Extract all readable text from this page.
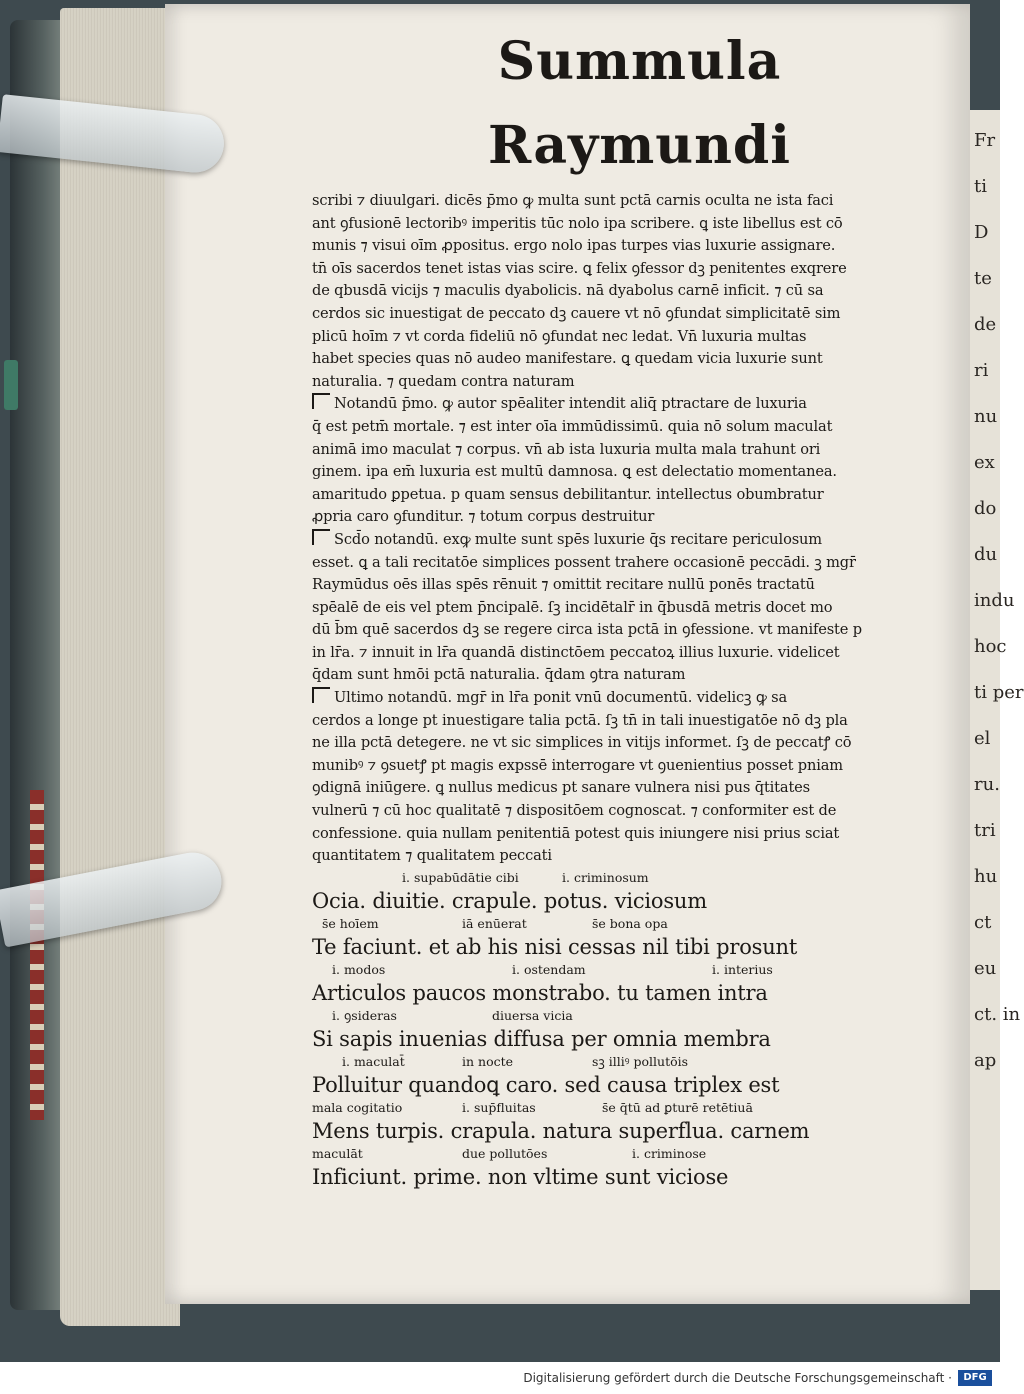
Fr
ti
D
te
de
ri
nu
ex
do
du
indu
hoc
ti per
el
ru.
tri
hu
ct
eu
ct. in
ap
Summula Raymundi
scribi ⁊ diuulgari. dicēs p̄mo ꝙ multa sunt pctā carnis oculta ne ista faci
ant ꝯfusionē lectoribꝰ imperitis tūc nolo ipa scribere. ꝗ iste libellus est cō
munis ⁊ visui oīm ꝓpositus. ergo nolo ipas turpes vias luxurie assignare.
tn̄ oīs sacerdos tenet istas vias scire. ꝗ felix ꝯfessor dꝫ penitentes exqrere
de qbusdā vicijs ⁊ maculis dyabolicis. nā dyabolus carnē inficit. ⁊ cū sa
cerdos sic inuestigat de peccato dꝫ cauere vt nō ꝯfundat simplicitatē sim
plicū hoīm ⁊ vt corda fideliū nō ꝯfundat nec ledat. Vn̄ luxuria multas
habet species quas nō audeo manifestare. ꝗ quedam vicia luxurie sunt
naturalia. ⁊ quedam contra naturam
Notandū p̄mo. ꝙ autor spēaliter intendit aliq̄ ptractare de luxuria
q̄ est petm̄ mortale. ⁊ est inter oīa immūdissimū. quia nō solum maculat
animā imo maculat ⁊ corpus. vn̄ ab ista luxuria multa mala trahunt ori
ginem. ipa em̄ luxuria est multū damnosa. ꝗ est delectatio momentanea.
amaritudo ꝑpetua. p quam sensus debilitantur. intellectus obumbratur
ꝓpria caro ꝯfunditur. ⁊ totum corpus destruitur
Scd̄o notandū. exꝙ multe sunt spēs luxurie q̄s recitare periculosum
esset. ꝗ a tali recitatōe simplices possent trahere occasionē peccādi. ꝫ mgr̄
Raymūdus oēs illas spēs rēnuit ⁊ omittit recitare nullū ponēs tractatū
spēalē de eis vel ptem p̄ncipalē. ſꝫ incidētalr̄ in q̄busdā metris docet mo
dū b̄m quē sacerdos dꝫ se regere circa ista pctā in ꝯfessione. vt manifeste p
in lr̄a. ⁊ innuit in lr̄a quandā distinctōem peccatoꝝ illius luxurie. videlicet
q̄dam sunt hmōi pctā naturalia. q̄dam ꝯtra naturam
Ultimo notandū. mgr̄ in lr̄a ponit vnū documentū. videlicꝫ ꝙ sa
cerdos a longe pt inuestigare talia pctā. ſꝫ tn̄ in tali inuestigatōe nō dꝫ pla
ne illa pctā detegere. ne vt sic simplices in vitijs informet. ſꝫ de peccatꝭ cō
munibꝰ ⁊ ꝯsuetꝭ pt magis expssē interrogare vt ꝯuenientius posset pniam
ꝯdignā iniūgere. ꝗ nullus medicus pt sanare vulnera nisi pus q̄titates
vulnerū ⁊ cū hoc qualitatē ⁊ dispositōem cognoscat. ⁊ conformiter est de
confessione. quia nullam penitentiā potest quis iniungere nisi prius sciat
quantitatem ⁊ qualitatem peccati
i. supabūdātie cibi	i. criminosum
Ocia. diuitie. crapule. potus. viciosum
s̄e hoīem	iā enūerat	s̄e bona opa
Te faciunt. et ab his nisi cessas nil tibi prosunt
i. modos	i. ostendam	i. interius
Articulos paucos monstrabo. tu tamen intra
i. ꝯsideras	diuersa vicia
Si sapis inuenias diffusa per omnia membra
i. maculat̄	in nocte	sꝫ illiꝰ pollutōis
Polluitur quandoꝗ caro. sed causa triplex est
mala cogitatio	i. sup̄fluitas	s̄e q̄tū ad ꝑturē retētiuā
Mens turpis. crapula. natura superflua. carnem
maculāt	due pollutōes	i. criminose
Inficiunt. prime. non vltime sunt viciose
Digitalisierung gefördert durch die Deutsche Forschungsgemeinschaft ·	DFG
